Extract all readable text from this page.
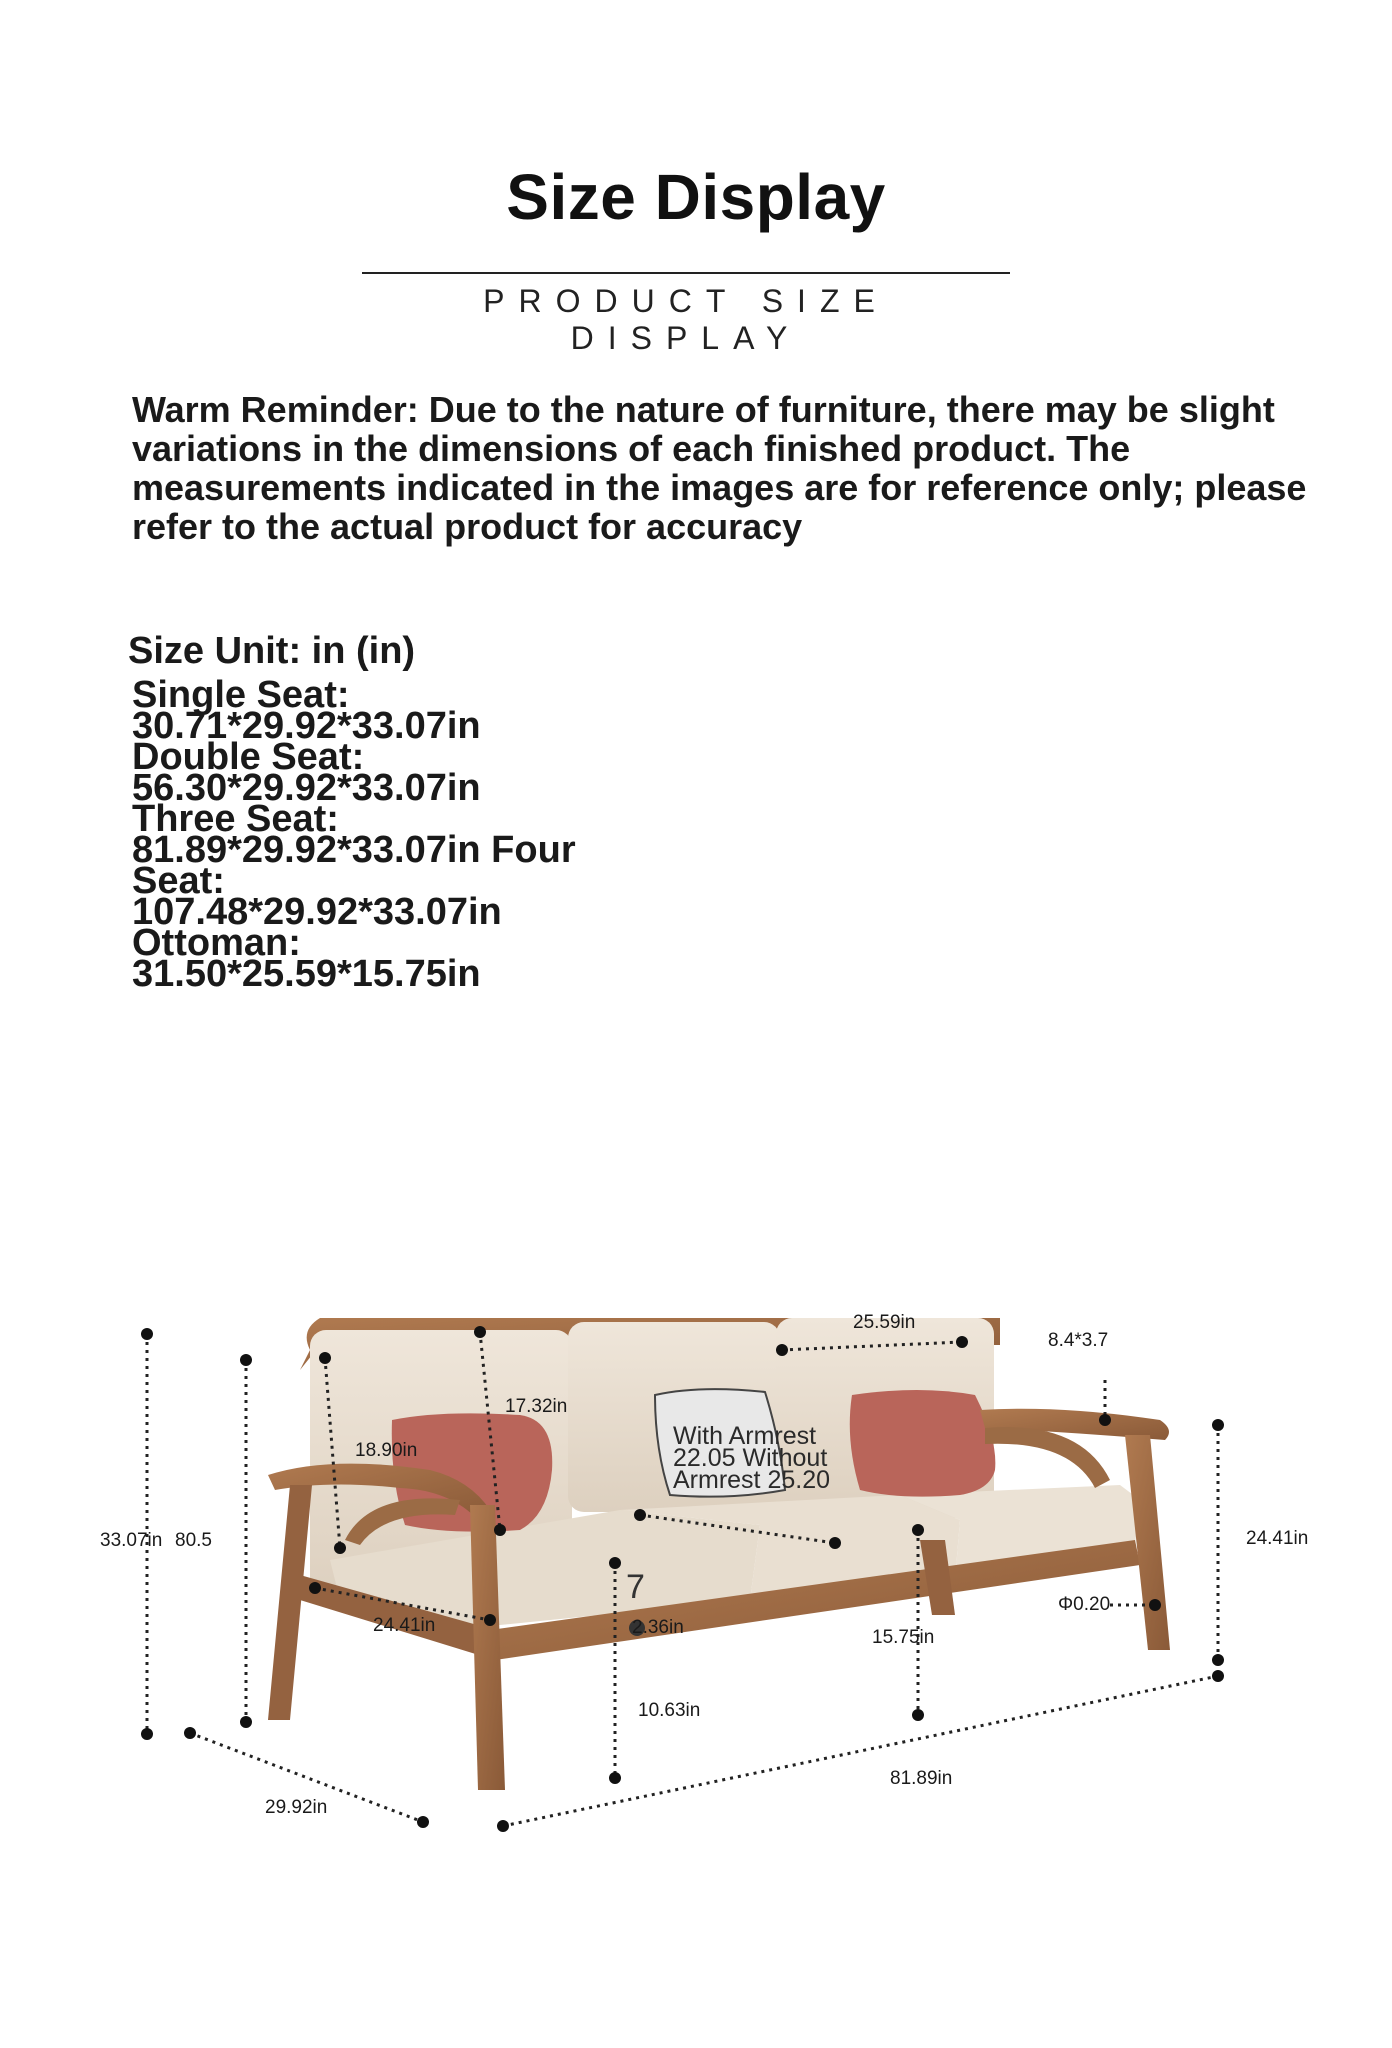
Size Display
PRODUCT SIZE DISPLAY
Warm Reminder: Due to the nature of furniture, there may be slight variations in the dimensions of each finished product. The measurements indicated in the images are for reference only; please refer to the actual product for accuracy
Size Unit: in (in)
Single Seat:
30.71*29.92*33.07in
Double Seat:
56.30*29.92*33.07in
Three Seat:
81.89*29.92*33.07in Four
Seat:
107.48*29.92*33.07in
Ottoman:
31.50*25.59*15.75in
25.59in
8.4*3.7
17.32in
18.90in
33.07in 80.5	24.41in
With Armrest 22.05 Without Armrest 25.20
7
24.41in	2.36in
Φ0.20
15.75in
10.63in
81.89in
29.92in
